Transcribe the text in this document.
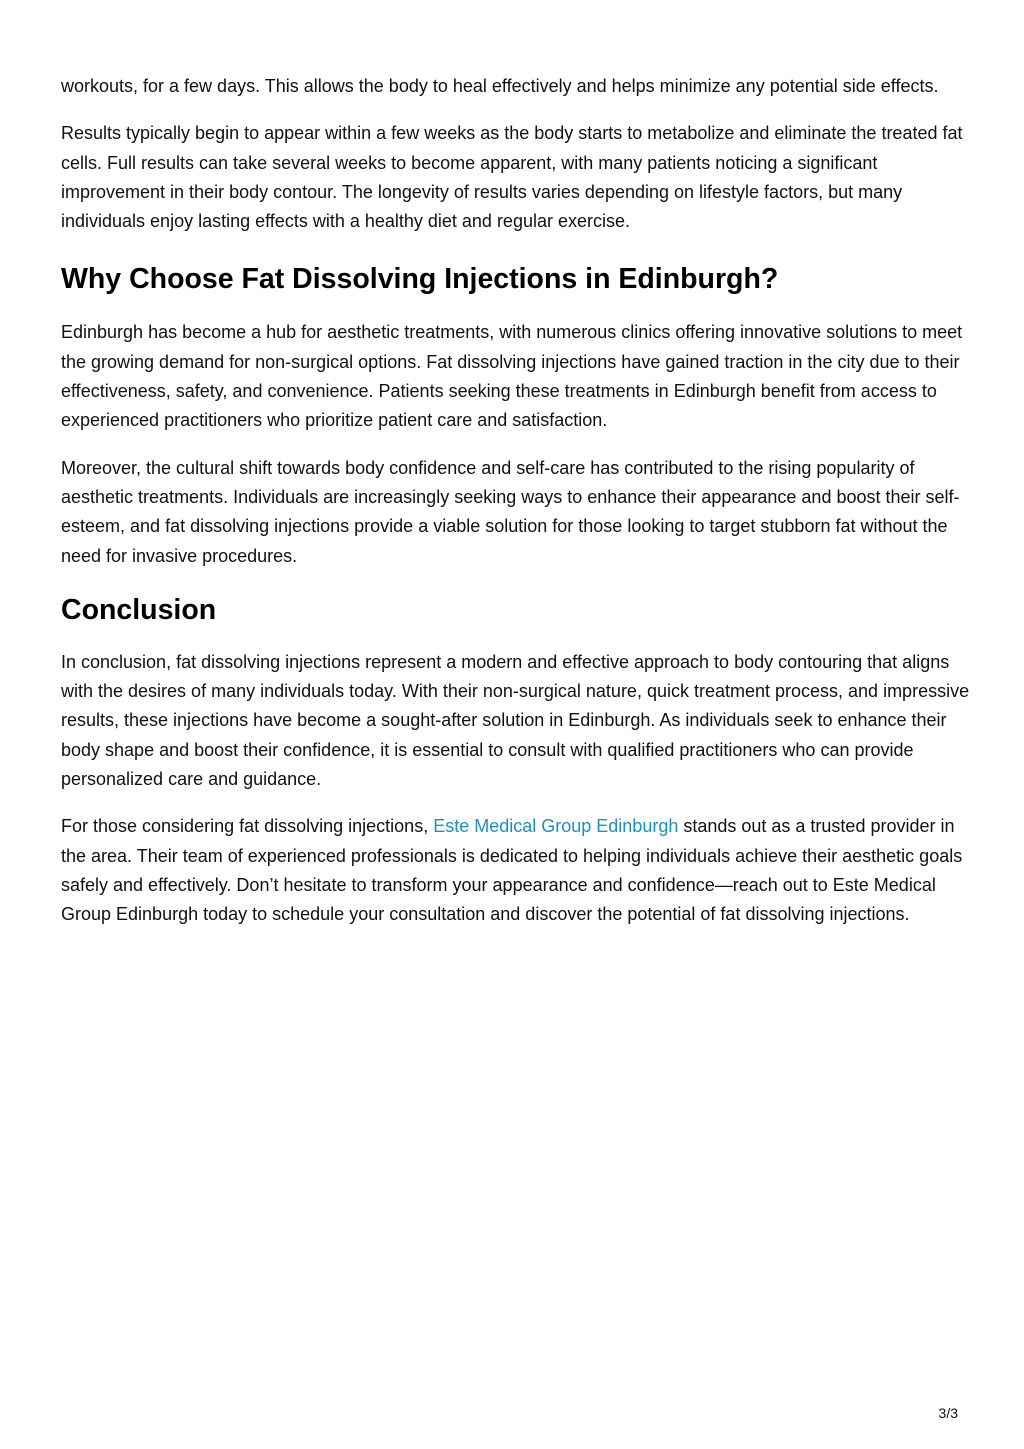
workouts, for a few days. This allows the body to heal effectively and helps minimize any potential side effects.

Results typically begin to appear within a few weeks as the body starts to metabolize and eliminate the treated fat cells. Full results can take several weeks to become apparent, with many patients noticing a significant improvement in their body contour. The longevity of results varies depending on lifestyle factors, but many individuals enjoy lasting effects with a healthy diet and regular exercise.

Why Choose Fat Dissolving Injections in Edinburgh?

Edinburgh has become a hub for aesthetic treatments, with numerous clinics offering innovative solutions to meet the growing demand for non-surgical options. Fat dissolving injections have gained traction in the city due to their effectiveness, safety, and convenience. Patients seeking these treatments in Edinburgh benefit from access to experienced practitioners who prioritize patient care and satisfaction.

Moreover, the cultural shift towards body confidence and self-care has contributed to the rising popularity of aesthetic treatments. Individuals are increasingly seeking ways to enhance their appearance and boost their self-esteem, and fat dissolving injections provide a viable solution for those looking to target stubborn fat without the need for invasive procedures.

Conclusion

In conclusion, fat dissolving injections represent a modern and effective approach to body contouring that aligns with the desires of many individuals today. With their non-surgical nature, quick treatment process, and impressive results, these injections have become a sought-after solution in Edinburgh. As individuals seek to enhance their body shape and boost their confidence, it is essential to consult with qualified practitioners who can provide personalized care and guidance.

For those considering fat dissolving injections, Este Medical Group Edinburgh stands out as a trusted provider in the area. Their team of experienced professionals is dedicated to helping individuals achieve their aesthetic goals safely and effectively. Don’t hesitate to transform your appearance and confidence—reach out to Este Medical Group Edinburgh today to schedule your consultation and discover the potential of fat dissolving injections.

3/3
